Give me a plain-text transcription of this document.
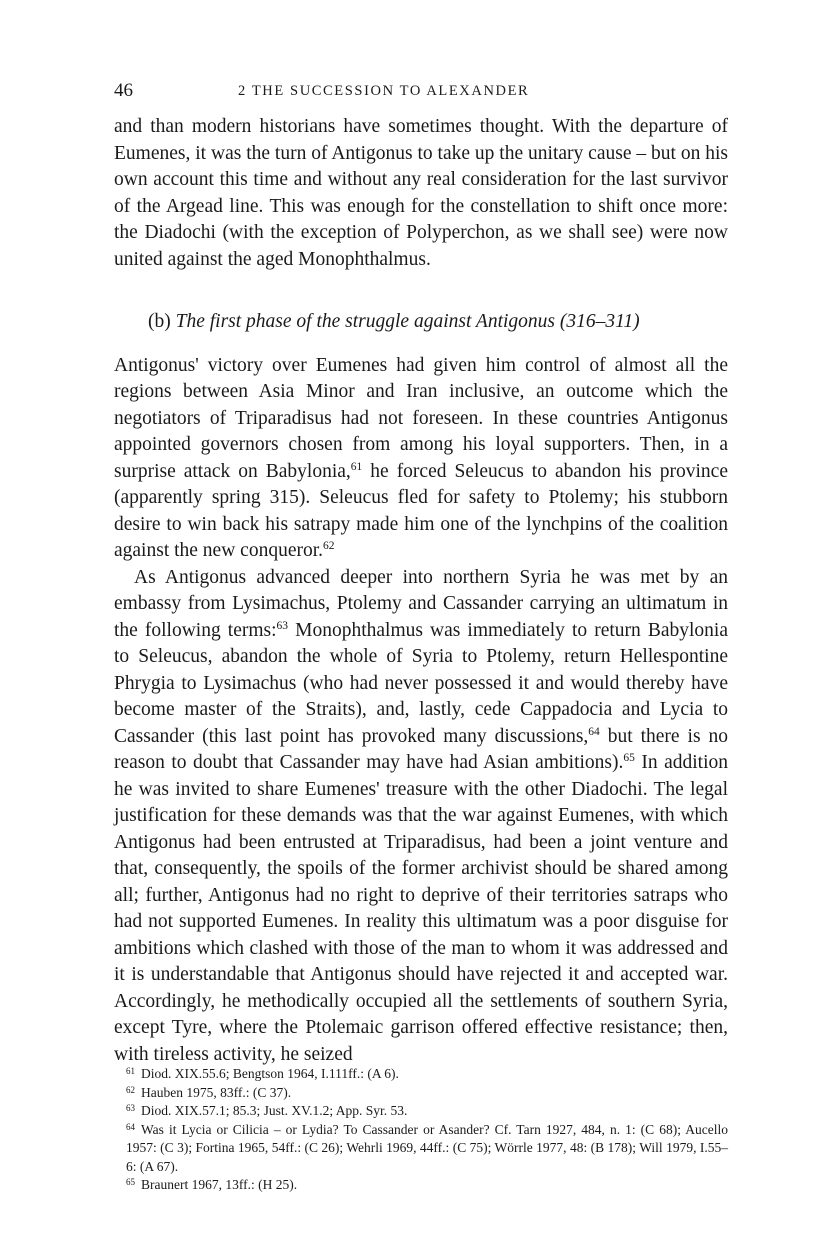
46	2 THE SUCCESSION TO ALEXANDER

and than modern historians have sometimes thought. With the departure of Eumenes, it was the turn of Antigonus to take up the unitary cause – but on his own account this time and without any real consideration for the last survivor of the Argead line. This was enough for the constellation to shift once more: the Diadochi (with the exception of Polyperchon, as we shall see) were now united against the aged Monophthalmus.

(b) The first phase of the struggle against Antigonus (316–311)

Antigonus' victory over Eumenes had given him control of almost all the regions between Asia Minor and Iran inclusive, an outcome which the negotiators of Triparadisus had not foreseen. In these countries Antigonus appointed governors chosen from among his loyal supporters. Then, in a surprise attack on Babylonia,$^{61}$ he forced Seleucus to abandon his province (apparently spring 315). Seleucus fled for safety to Ptolemy; his stubborn desire to win back his satrapy made him one of the lynchpins of the coalition against the new conqueror.$^{62}$

As Antigonus advanced deeper into northern Syria he was met by an embassy from Lysimachus, Ptolemy and Cassander carrying an ultimatum in the following terms:$^{63}$ Monophthalmus was immediately to return Babylonia to Seleucus, abandon the whole of Syria to Ptolemy, return Hellespontine Phrygia to Lysimachus (who had never possessed it and would thereby have become master of the Straits), and, lastly, cede Cappadocia and Lycia to Cassander (this last point has provoked many discussions,$^{64}$ but there is no reason to doubt that Cassander may have had Asian ambitions).$^{65}$ In addition he was invited to share Eumenes' treasure with the other Diadochi. The legal justification for these demands was that the war against Eumenes, with which Antigonus had been entrusted at Triparadisus, had been a joint venture and that, consequently, the spoils of the former archivist should be shared among all; further, Antigonus had no right to deprive of their territories satraps who had not supported Eumenes. In reality this ultimatum was a poor disguise for ambitions which clashed with those of the man to whom it was addressed and it is understandable that Antigonus should have rejected it and accepted war. Accordingly, he methodically occupied all the settlements of southern Syria, except Tyre, where the Ptolemaic garrison offered effective resistance; then, with tireless activity, he seized

$^{61}$ Diod. XIX.55.6; Bengtson 1964, I.111ff.: (A 6).

$^{62}$ Hauben 1975, 83ff.: (C 37).

$^{63}$ Diod. XIX.57.1; 85.3; Just. XV.1.2; App. Syr. 53.

$^{64}$ Was it Lycia or Cilicia – or Lydia? To Cassander or Asander? Cf. Tarn 1927, 484, n. 1: (C 68); Aucello 1957: (C 3); Fortina 1965, 54ff.: (C 26); Wehrli 1969, 44ff.: (C 75); Wörrle 1977, 48: (B 178); Will 1979, I.55–6: (A 67).

$^{65}$ Braunert 1967, 13ff.: (H 25).
